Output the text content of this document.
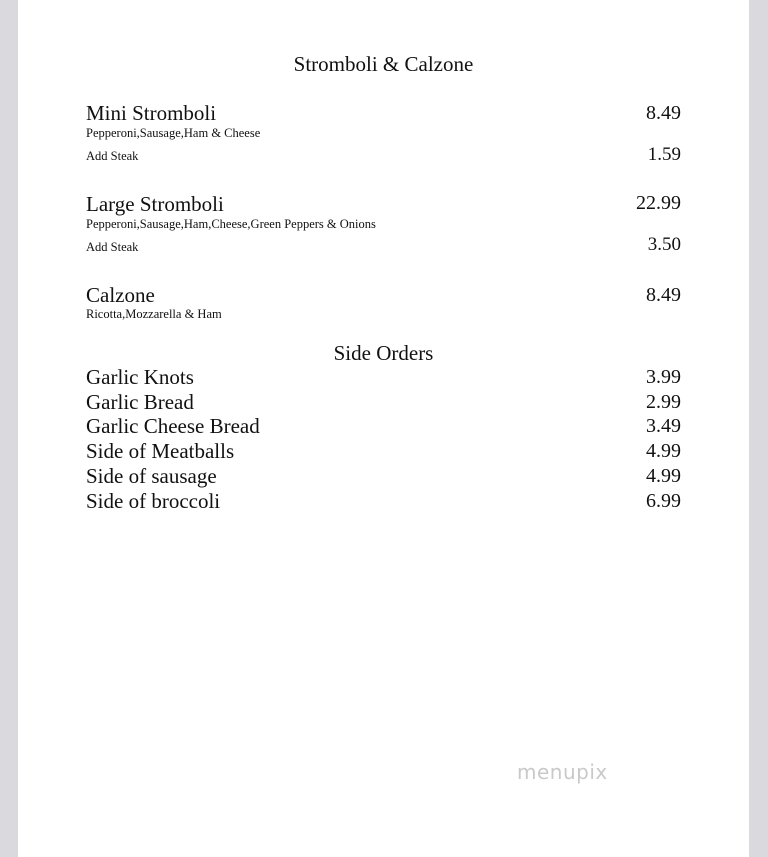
Stromboli & Calzone
Mini Stromboli	8.49
Pepperoni,Sausage,Ham & Cheese
Add Steak	1.59
Large Stromboli	22.99
Pepperoni,Sausage,Ham,Cheese,Green Peppers & Onions
Add Steak	3.50
Calzone	8.49
Ricotta,Mozzarella & Ham
Side Orders
Garlic Knots	3.99
Garlic Bread	2.99
Garlic Cheese Bread	3.49
Side of Meatballs	4.99
Side of sausage	4.99
Side of broccoli	6.99
menupix
